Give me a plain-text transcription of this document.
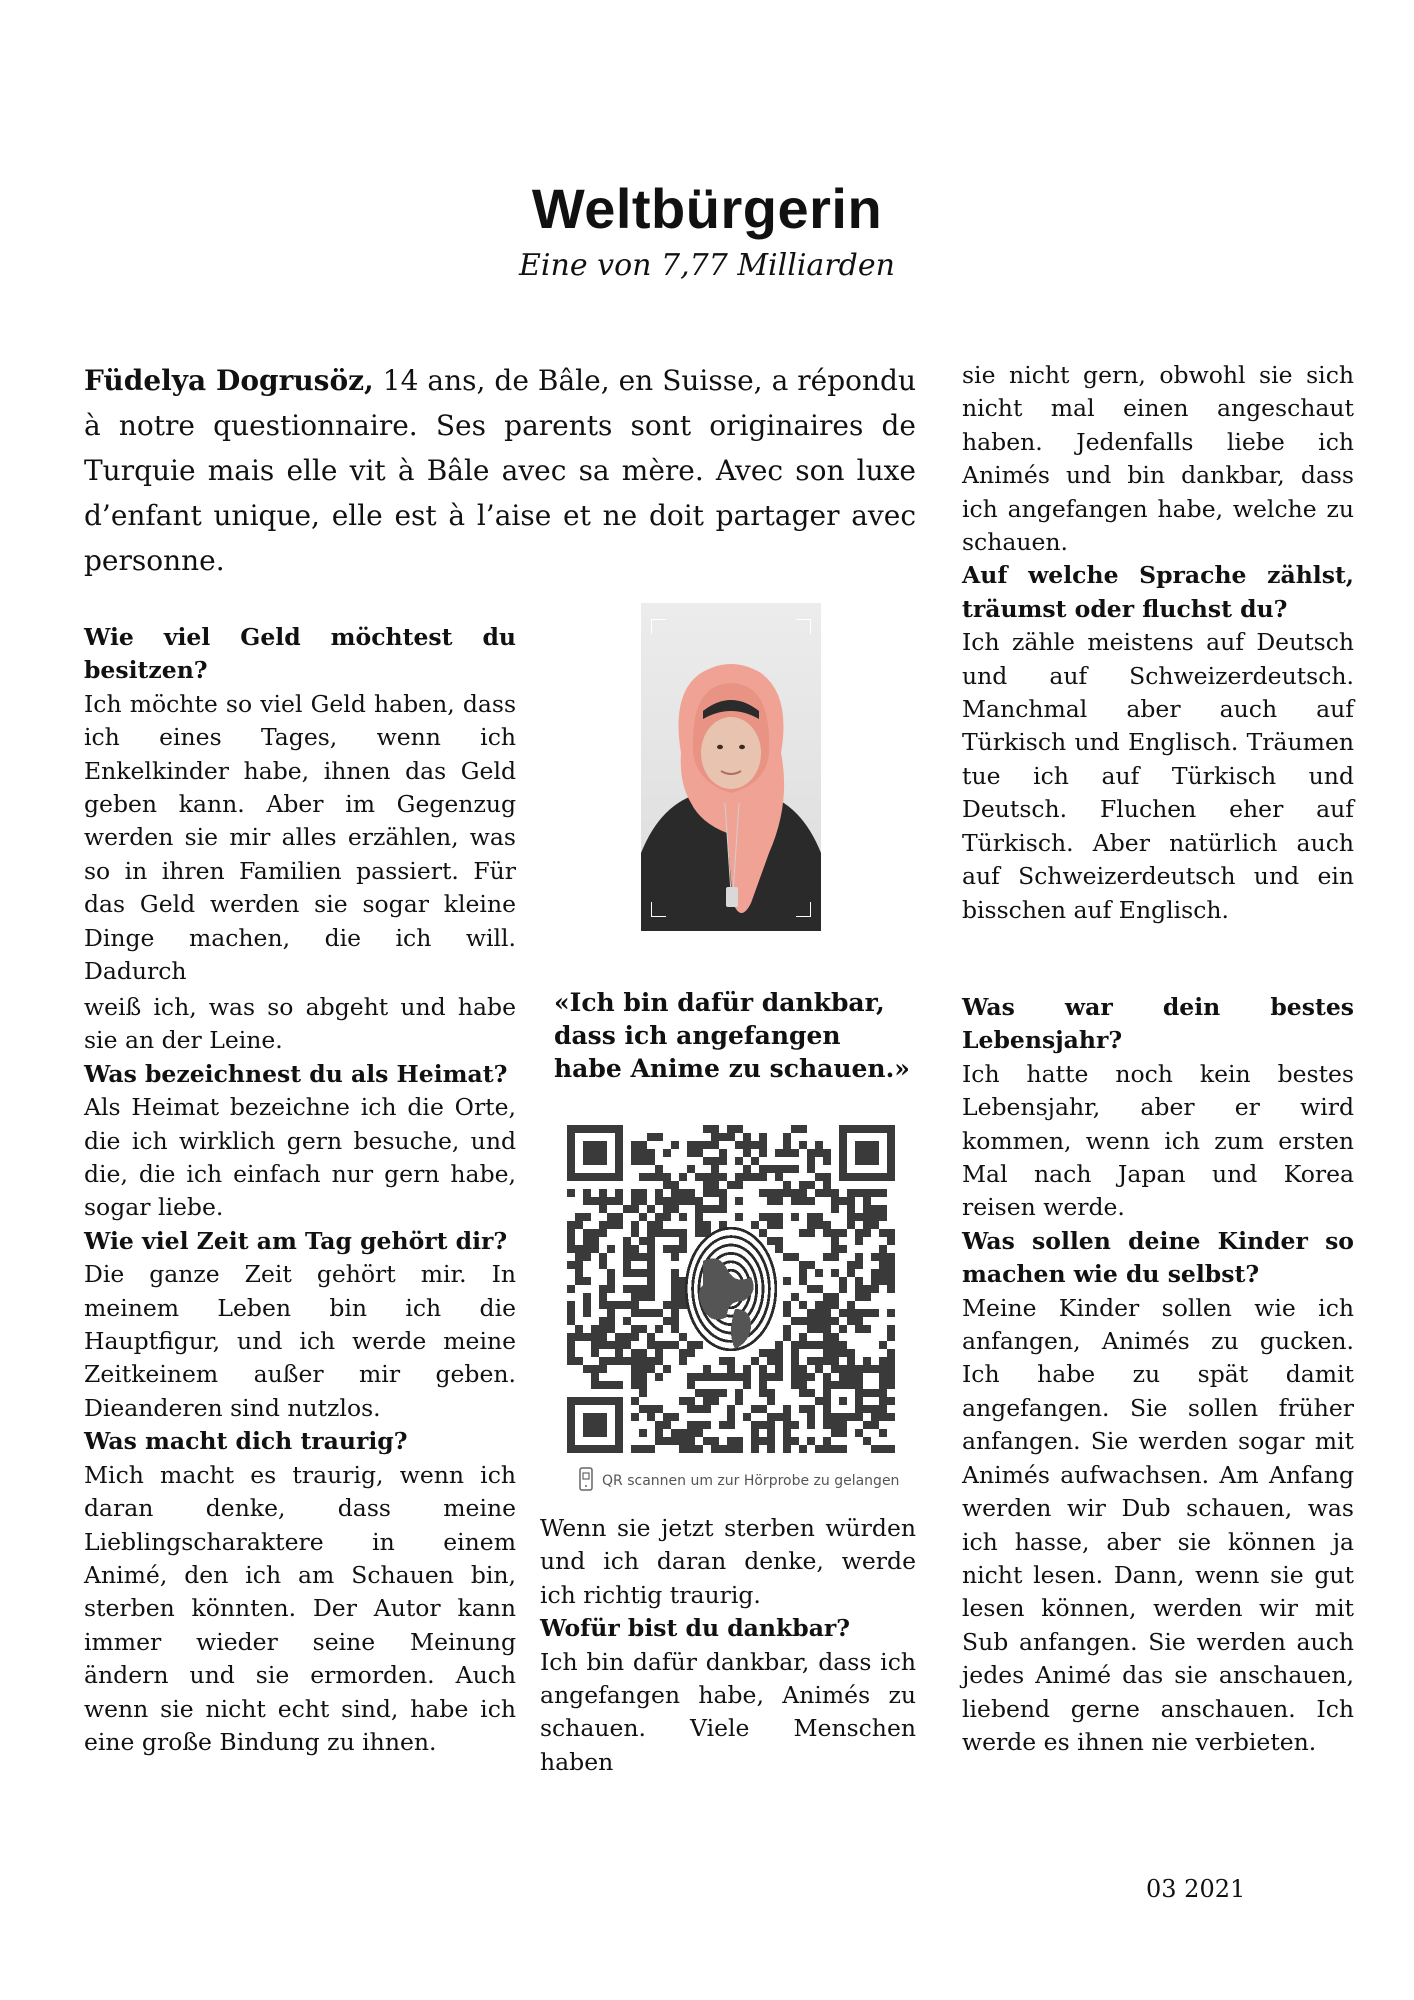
Weltbürgerin
Eine von 7,77 Milliarden
Füdelya Dogrusöz, 14 ans, de Bâle, en Suisse, a répondu à notre questionnaire. Ses parents sont originaires de Turquie mais elle vit à Bâle avec sa mère. Avec son luxe d’enfant unique, elle est à l’aise et ne doit partager avec personne.

Wie viel Geld möchtest du besitzen?

Ich möchte so viel Geld haben, dass ich eines Tages, wenn ich Enkelkinder habe, ihnen das Geld geben kann. Aber im Gegenzug werden sie mir alles erzählen, was so in ihren Familien passiert. Für das Geld werden sie sogar kleine Dinge machen, die ich will. Dadurch

sie nicht gern, obwohl sie sich nicht mal einen angeschaut haben. Jedenfalls liebe ich Animés und bin dankbar, dass ich angefangen habe, welche zu schauen.

Auf welche Sprache zählst, träumst oder fluchst du?

Ich zähle meistens auf Deutsch und auf Schweizerdeutsch. Manchmal aber auch auf Türkisch und Englisch. Träumen tue ich auf Türkisch und Deutsch. Fluchen eher auf Türkisch. Aber natürlich auch auf Schweizerdeutsch und ein bisschen auf Englisch.

weiß ich, was so abgeht und habe sie an der Leine.

Was bezeichnest du als Heimat?

Als Heimat bezeichne ich die Orte, die ich wirklich gern besuche, und die, die ich einfach nur gern habe, sogar liebe.

Wie viel Zeit am Tag gehört dir?

Die ganze Zeit gehört mir. In meinem Leben bin ich die Hauptfigur, und ich werde meine Zeitkeinem außer mir geben. Dieanderen sind nutzlos.

Was macht dich traurig?

Mich macht es traurig, wenn ich daran denke, dass meine Lieblingscharaktere in einem Animé, den ich am Schauen bin, sterben könnten. Der Autor kann immer wieder seine Meinung ändern und sie ermorden. Auch wenn sie nicht echt sind, habe ich eine große Bindung zu ihnen.

«Ich bin dafür dankbar, dass ich angefangen habe Anime zu schauen.»
QR scannen um zur Hörprobe zu gelangen

Wenn sie jetzt sterben würden und ich daran denke, werde ich richtig traurig.

Wofür bist du dankbar?

Ich bin dafür dankbar, dass ich angefangen habe, Animés zu schauen. Viele Menschen haben

Was war dein bestes Lebensjahr?

Ich hatte noch kein bestes Lebensjahr, aber er wird kommen, wenn ich zum ersten Mal nach Japan und Korea reisen werde.

Was sollen deine Kinder so machen wie du selbst?

Meine Kinder sollen wie ich anfangen, Animés zu gucken. Ich habe zu spät damit angefangen. Sie sollen früher anfangen. Sie werden sogar mit Animés aufwachsen. Am Anfang werden wir Dub schauen, was ich hasse, aber sie können ja nicht lesen. Dann, wenn sie gut lesen können, werden wir mit Sub anfangen. Sie werden auch jedes Animé das sie anschauen, liebend gerne anschauen. Ich werde es ihnen nie verbieten.

03 2021
